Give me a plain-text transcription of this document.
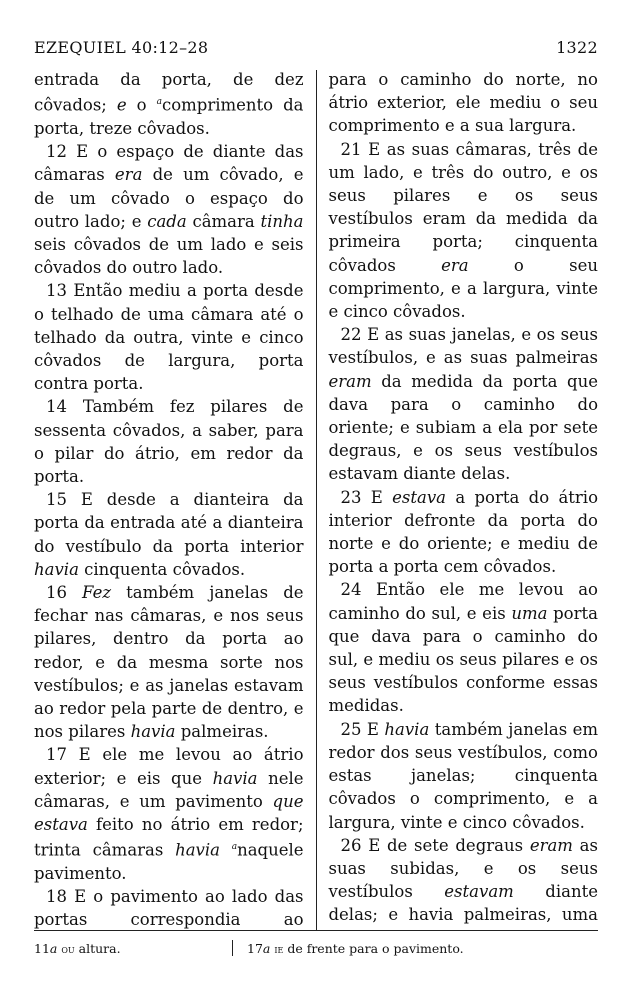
EZEQUIEL 40:12–28	1322

entrada da porta, de dez côvados; e o $^a$comprimento da porta, treze côvados.

12 E o espaço de diante das câmaras era de um côvado, e de um côvado o espaço do outro lado; e cada câmara tinha seis côvados de um lado e seis côvados do outro lado.

13 Então mediu a porta desde o telhado de uma câmara até o telhado da outra, vinte e cinco côvados de largura, porta contra porta.

14 Também fez pilares de sessenta côvados, a saber, para o pilar do átrio, em redor da porta.

15 E desde a dianteira da porta da entrada até a dianteira do vestíbulo da porta interior havia cinquenta côvados.

16 Fez também janelas de fechar nas câmaras, e nos seus pilares, dentro da porta ao redor, e da mesma sorte nos vestíbulos; e as janelas estavam ao redor pela parte de dentro, e nos pilares havia palmeiras.

17 E ele me levou ao átrio exterior; e eis que havia nele câmaras, e um pavimento que estava feito no átrio em redor; trinta câmaras havia $^a$naquele pavimento.

18 E o pavimento ao lado das portas correspondia ao

para o caminho do norte, no átrio exterior, ele mediu o seu comprimento e a sua largura.

21 E as suas câmaras, três de um lado, e três do outro, e os seus pilares e os seus vestíbulos eram da medida da primeira porta; cinquenta côvados era o seu comprimento, e a largura, vinte e cinco côvados.

22 E as suas janelas, e os seus vestíbulos, e as suas palmeiras eram da medida da porta que dava para o caminho do oriente; e subiam a ela por sete degraus, e os seus vestíbulos estavam diante delas.

23 E estava a porta do átrio interior defronte da porta do norte e do oriente; e mediu de porta a porta cem côvados.

24 Então ele me levou ao caminho do sul, e eis uma porta que dava para o caminho do sul, e mediu os seus pilares e os seus vestíbulos conforme essas medidas.

25 E havia também janelas em redor dos seus vestíbulos, como estas janelas; cinquenta côvados o comprimento, e a largura, vinte e cinco côvados.

26 E de sete degraus eram as suas subidas, e os seus vestíbulos estavam diante delas; e havia palmeiras, uma

11a ou altura.	17a ie de frente para o pavimento.
